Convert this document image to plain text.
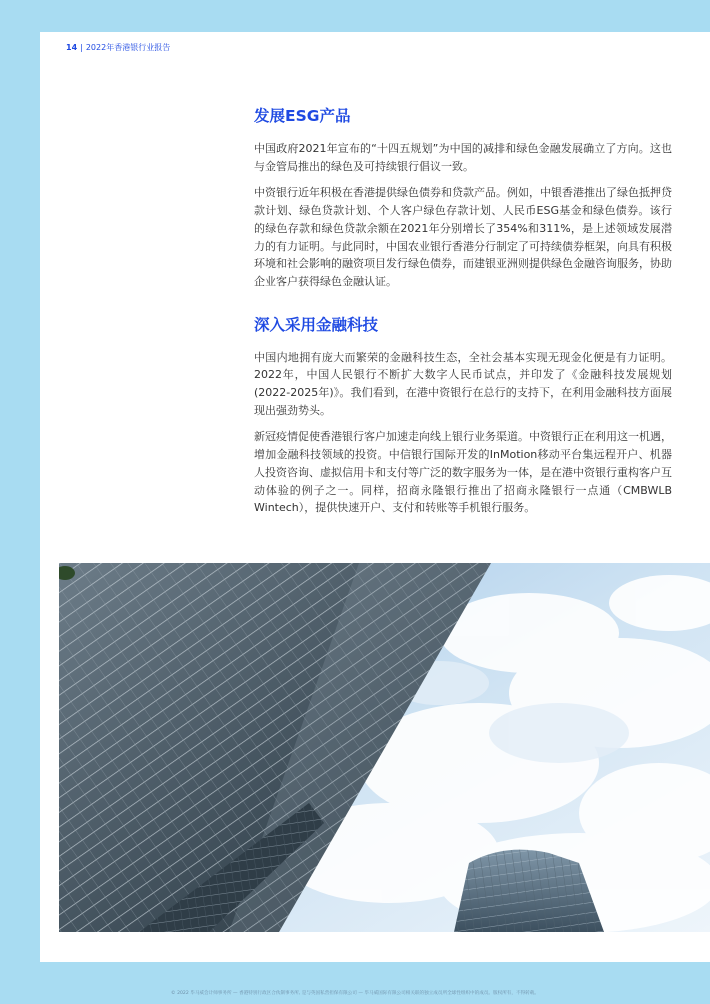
14 | 2022年香港银行业报告
发展ESG产品

中国政府2021年宣布的“十四五规划”为中国的减排和绿色金融发展确立了方向。这也与金管局推出的绿色及可持续银行倡议一致。

中资银行近年积极在香港提供绿色债券和贷款产品。例如，中银香港推出了绿色抵押贷款计划、绿色贷款计划、个人客户绿色存款计划、人民币ESG基金和绿色债券。该行的绿色存款和绿色贷款余额在2021年分别增长了354%和311%，是上述领域发展潜力的有力证明。与此同时，中国农业银行香港分行制定了可持续债券框架，向具有积极环境和社会影响的融资项目发行绿色债券，而建银亚洲则提供绿色金融咨询服务，协助企业客户获得绿色金融认证。

深入采用金融科技

中国内地拥有庞大而繁荣的金融科技生态，全社会基本实现无现金化便是有力证明。2022年，中国人民银行不断扩大数字人民币试点，并印发了《金融科技发展规划(2022-2025年)》。我们看到，在港中资银行在总行的支持下，在利用金融科技方面展现出强劲势头。

新冠疫情促使香港银行客户加速走向线上银行业务渠道。中资银行正在利用这一机遇，增加金融科技领域的投资。中信银行国际开发的InMotion移动平台集远程开户、机器人投资咨询、虚拟信用卡和支付等广泛的数字服务为一体，是在港中资银行重构客户互动体验的例子之一。同样，招商永隆银行推出了招商永隆银行一点通（CMBWLB Wintech），提供快速开户、支付和转账等手机银行服务。

© 2022 毕马威会计师事务所 — 香港特别行政区合伙制事务所, 是与英国私营担保有限公司 — 毕马威国际有限公司相关联的独立成员所全球性组织中的成员。版权所有，不得转载。
